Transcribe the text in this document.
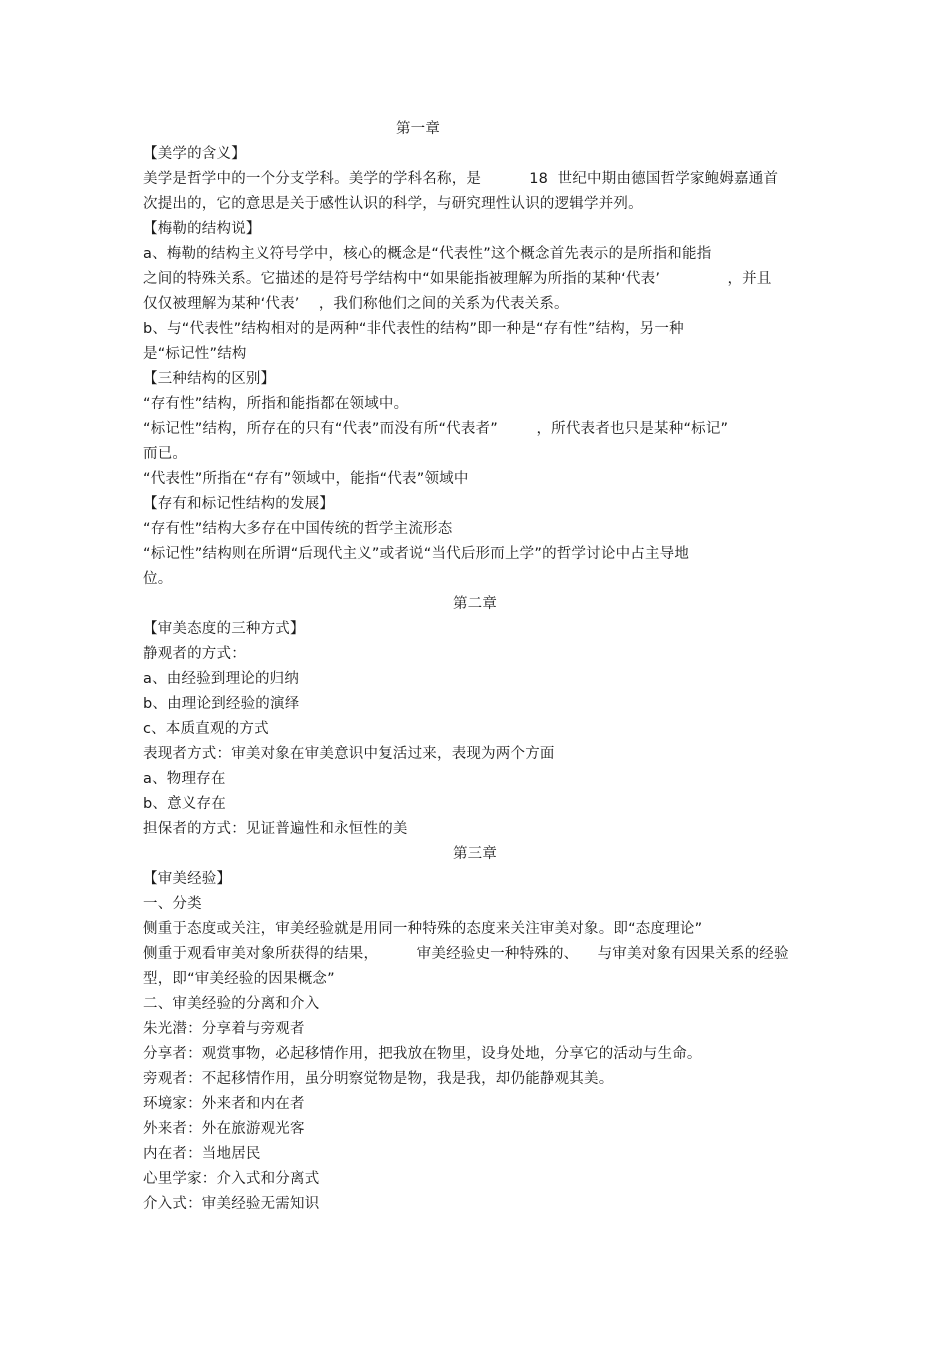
第一章
【美学的含义】
美学是哲学中的一个分支学科。美学的学科名称，是          18  世纪中期由德国哲学家鲍姆嘉通首
次提出的，它的意思是关于感性认识的科学，与研究理性认识的逻辑学并列。
【梅勒的结构说】
a、梅勒的结构主义符号学中，核心的概念是“代表性”这个概念首先表示的是所指和能指
之间的特殊关系。它描述的是符号学结构中“如果能指被理解为所指的某种‘代表’              ，并且
仅仅被理解为某种‘代表’    ，我们称他们之间的关系为代表关系。
b、与“代表性”结构相对的是两种“非代表性的结构”即一种是“存有性”结构，另一种
是“标记性”结构
【三种结构的区别】
“存有性”结构，所指和能指都在领域中。
“标记性”结构，所存在的只有“代表”而没有所“代表者”        ，所代表者也只是某种“标记”
而已。
“代表性”所指在“存有”领域中，能指“代表”领域中
【存有和标记性结构的发展】
“存有性”结构大多存在中国传统的哲学主流形态
“标记性”结构则在所谓“后现代主义”或者说“当代后形而上学”的哲学讨论中占主导地
位。
第二章
【审美态度的三种方式】
静观者的方式：
a、由经验到理论的归纳
b、由理论到经验的演绎
c、本质直观的方式
表现者方式：审美对象在审美意识中复活过来，表现为两个方面
a、物理存在
b、意义存在
担保者的方式：见证普遍性和永恒性的美
第三章
【审美经验】
一、分类
侧重于态度或关注，审美经验就是用同一种特殊的态度来关注审美对象。即“态度理论”
侧重于观看审美对象所获得的结果，        审美经验史一种特殊的、    与审美对象有因果关系的经验
型，即“审美经验的因果概念”
二、审美经验的分离和介入
朱光潜：分享着与旁观者
分享者：观赏事物，必起移情作用，把我放在物里，设身处地，分享它的活动与生命。
旁观者：不起移情作用，虽分明察觉物是物，我是我，却仍能静观其美。
环境家：外来者和内在者
外来者：外在旅游观光客
内在者：当地居民
心里学家：介入式和分离式
介入式：审美经验无需知识
